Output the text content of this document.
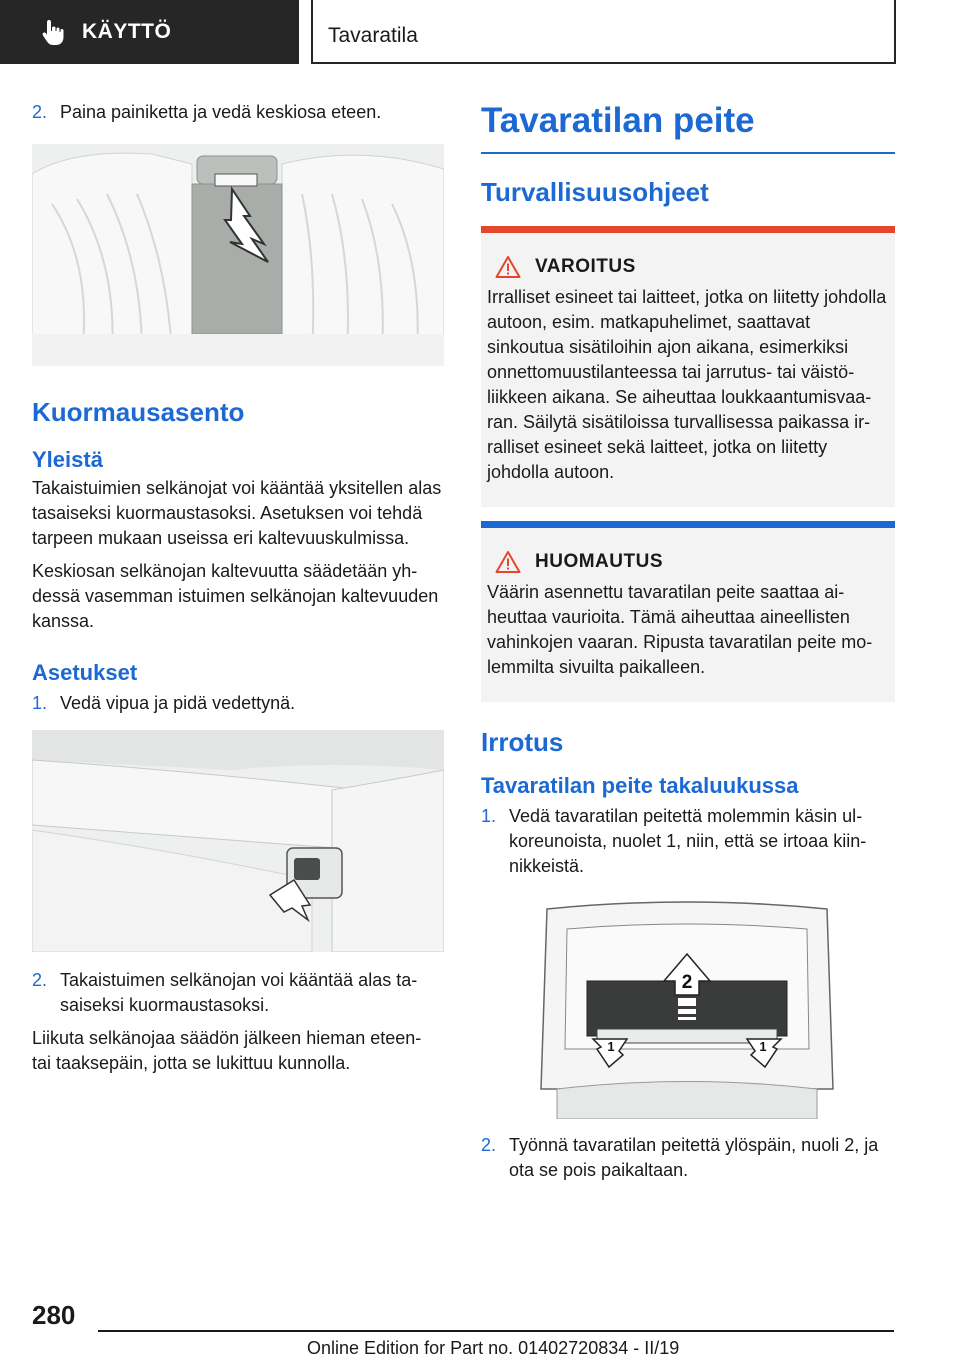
KÄYTTÖ	Tavaratila
2. Paina painiketta ja vedä keskiosa eteen.
Kuormausasento
Yleistä

Takaistuimien selkänojat voi kääntää yksitellen alas tasaiseksi kuormaustasoksi. Asetuksen voi tehdä tarpeen mukaan useissa eri kaltevuuskulmissa.

Keskiosan selkänojan kaltevuutta säädetään yhdessä vasemman istuimen selkänojan kaltevuuden kanssa.

Asetukset
1. Vedä vipua ja pidä vedettynä.
2. Takaistuimen selkänojan voi kääntää alas tasaiseksi kuormaustasoksi.

Liikuta selkänojaa säädön jälkeen hieman eteen- tai taaksepäin, jotta se lukittuu kunnolla.

Tavaratilan peite
Turvallisuusohjeet
VAROITUS

Irralliset esineet tai laitteet, jotka on liitetty johdolla autoon, esim. matkapuhelimet, saattavat sinkoutua sisätiloihin ajon aikana, esimerkiksi onnettomuustilanteessa tai jarrutus- tai väistöliikkeen aikana. Se aiheuttaa loukkaantumisvaaran. Säilytä sisätiloissa turvallisessa paikassa irralliset esineet sekä laitteet, jotka on liitetty johdolla autoon.

HUOMAUTUS

Väärin asennettu tavaratilan peite saattaa aiheuttaa vaurioita. Tämä aiheuttaa aineellisten vahinkojen vaaran. Ripusta tavaratilan peite molemmilta sivuilta paikalleen.

Irrotus
Tavaratilan peite takaluukussa
1. Vedä tavaratilan peitettä molemmin käsin ulkoreunoista, nuolet 1, niin, että se irtoaa kiinnikkeistä.
2
1	1
2. Työnnä tavaratilan peitettä ylöspäin, nuoli 2, ja ota se pois paikaltaan.
280
Online Edition for Part no. 01402720834 - II/19
